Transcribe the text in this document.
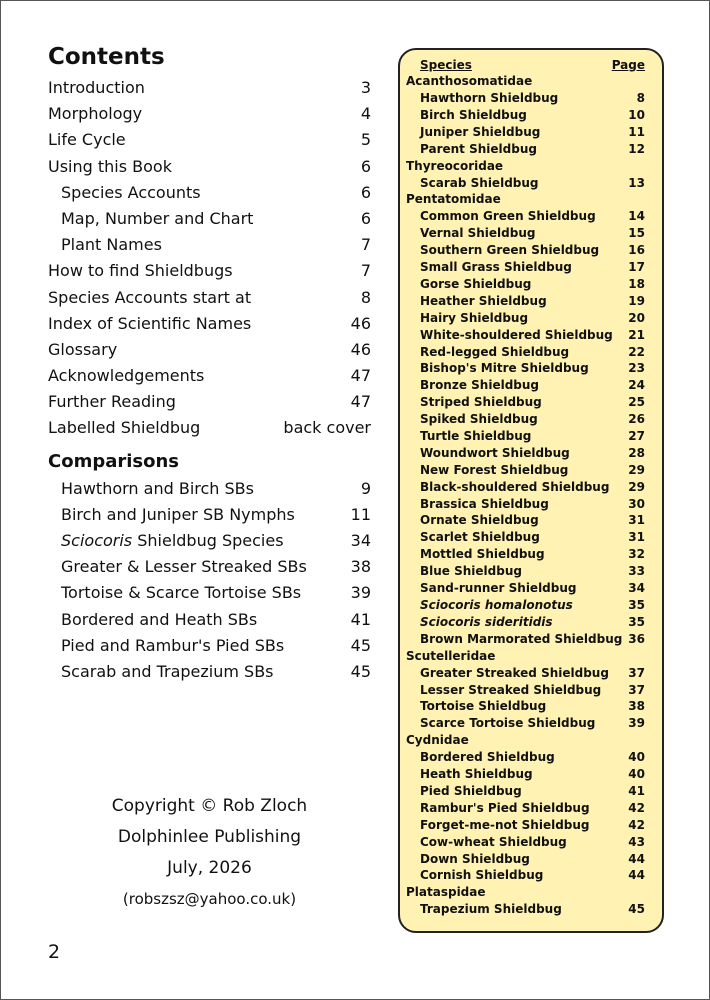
Contents
Introduction	3
Morphology	4
Life Cycle	5
Using this Book	6
Species Accounts	6
Map, Number and Chart	6
Plant Names	7
How to find Shieldbugs	7
Species Accounts start at	8
Index of Scientific Names	46
Glossary	46
Acknowledgements	47
Further Reading	47
Labelled Shieldbug	back cover
Comparisons
Hawthorn and Birch SBs	9
Birch and Juniper SB Nymphs	11
Sciocoris Shieldbug Species	34
Greater & Lesser Streaked SBs	38
Tortoise & Scarce Tortoise SBs	39
Bordered and Heath SBs	41
Pied and Rambur's Pied SBs	45
Scarab and Trapezium SBs	45
Copyright © Rob Zloch
Dolphinlee Publishing
July, 2026
(robszsz@yahoo.co.uk)
2
Species	Page
Acanthosomatidae
Hawthorn Shieldbug	8
Birch Shieldbug	10
Juniper Shieldbug	11
Parent Shieldbug	12
Thyreocoridae
Scarab Shieldbug	13
Pentatomidae
Common Green Shieldbug	14
Vernal Shieldbug	15
Southern Green Shieldbug 16
Small Grass Shieldbug	17
Gorse Shieldbug	18
Heather Shieldbug	19
Hairy Shieldbug	20
White-shouldered Shieldbug 21
Red-legged Shieldbug	22
Bishop's Mitre Shieldbug	23
Bronze Shieldbug	24
Striped Shieldbug	25
Spiked Shieldbug	26
Turtle Shieldbug	27
Woundwort Shieldbug	28
New Forest Shieldbug	29
Black-shouldered Shieldbug 29
Brassica Shieldbug	30
Ornate Shieldbug	31
Scarlet Shieldbug	31
Mottled Shieldbug	32
Blue Shieldbug	33
Sand-runner Shieldbug	34
Sciocoris homalonotus	35
Sciocoris sideritidis	35
Brown Marmorated Shieldbug 36
Scutelleridae
Greater Streaked Shieldbug 37
Lesser Streaked Shieldbug 37
Tortoise Shieldbug	38
Scarce Tortoise Shieldbug	39
Cydnidae
Bordered Shieldbug	40
Heath Shieldbug	40
Pied Shieldbug	41
Rambur's Pied Shieldbug	42
Forget-me-not Shieldbug	42
Cow-wheat Shieldbug	43
Down Shieldbug	44
Cornish Shieldbug	44
Plataspidae
Trapezium Shieldbug	45
